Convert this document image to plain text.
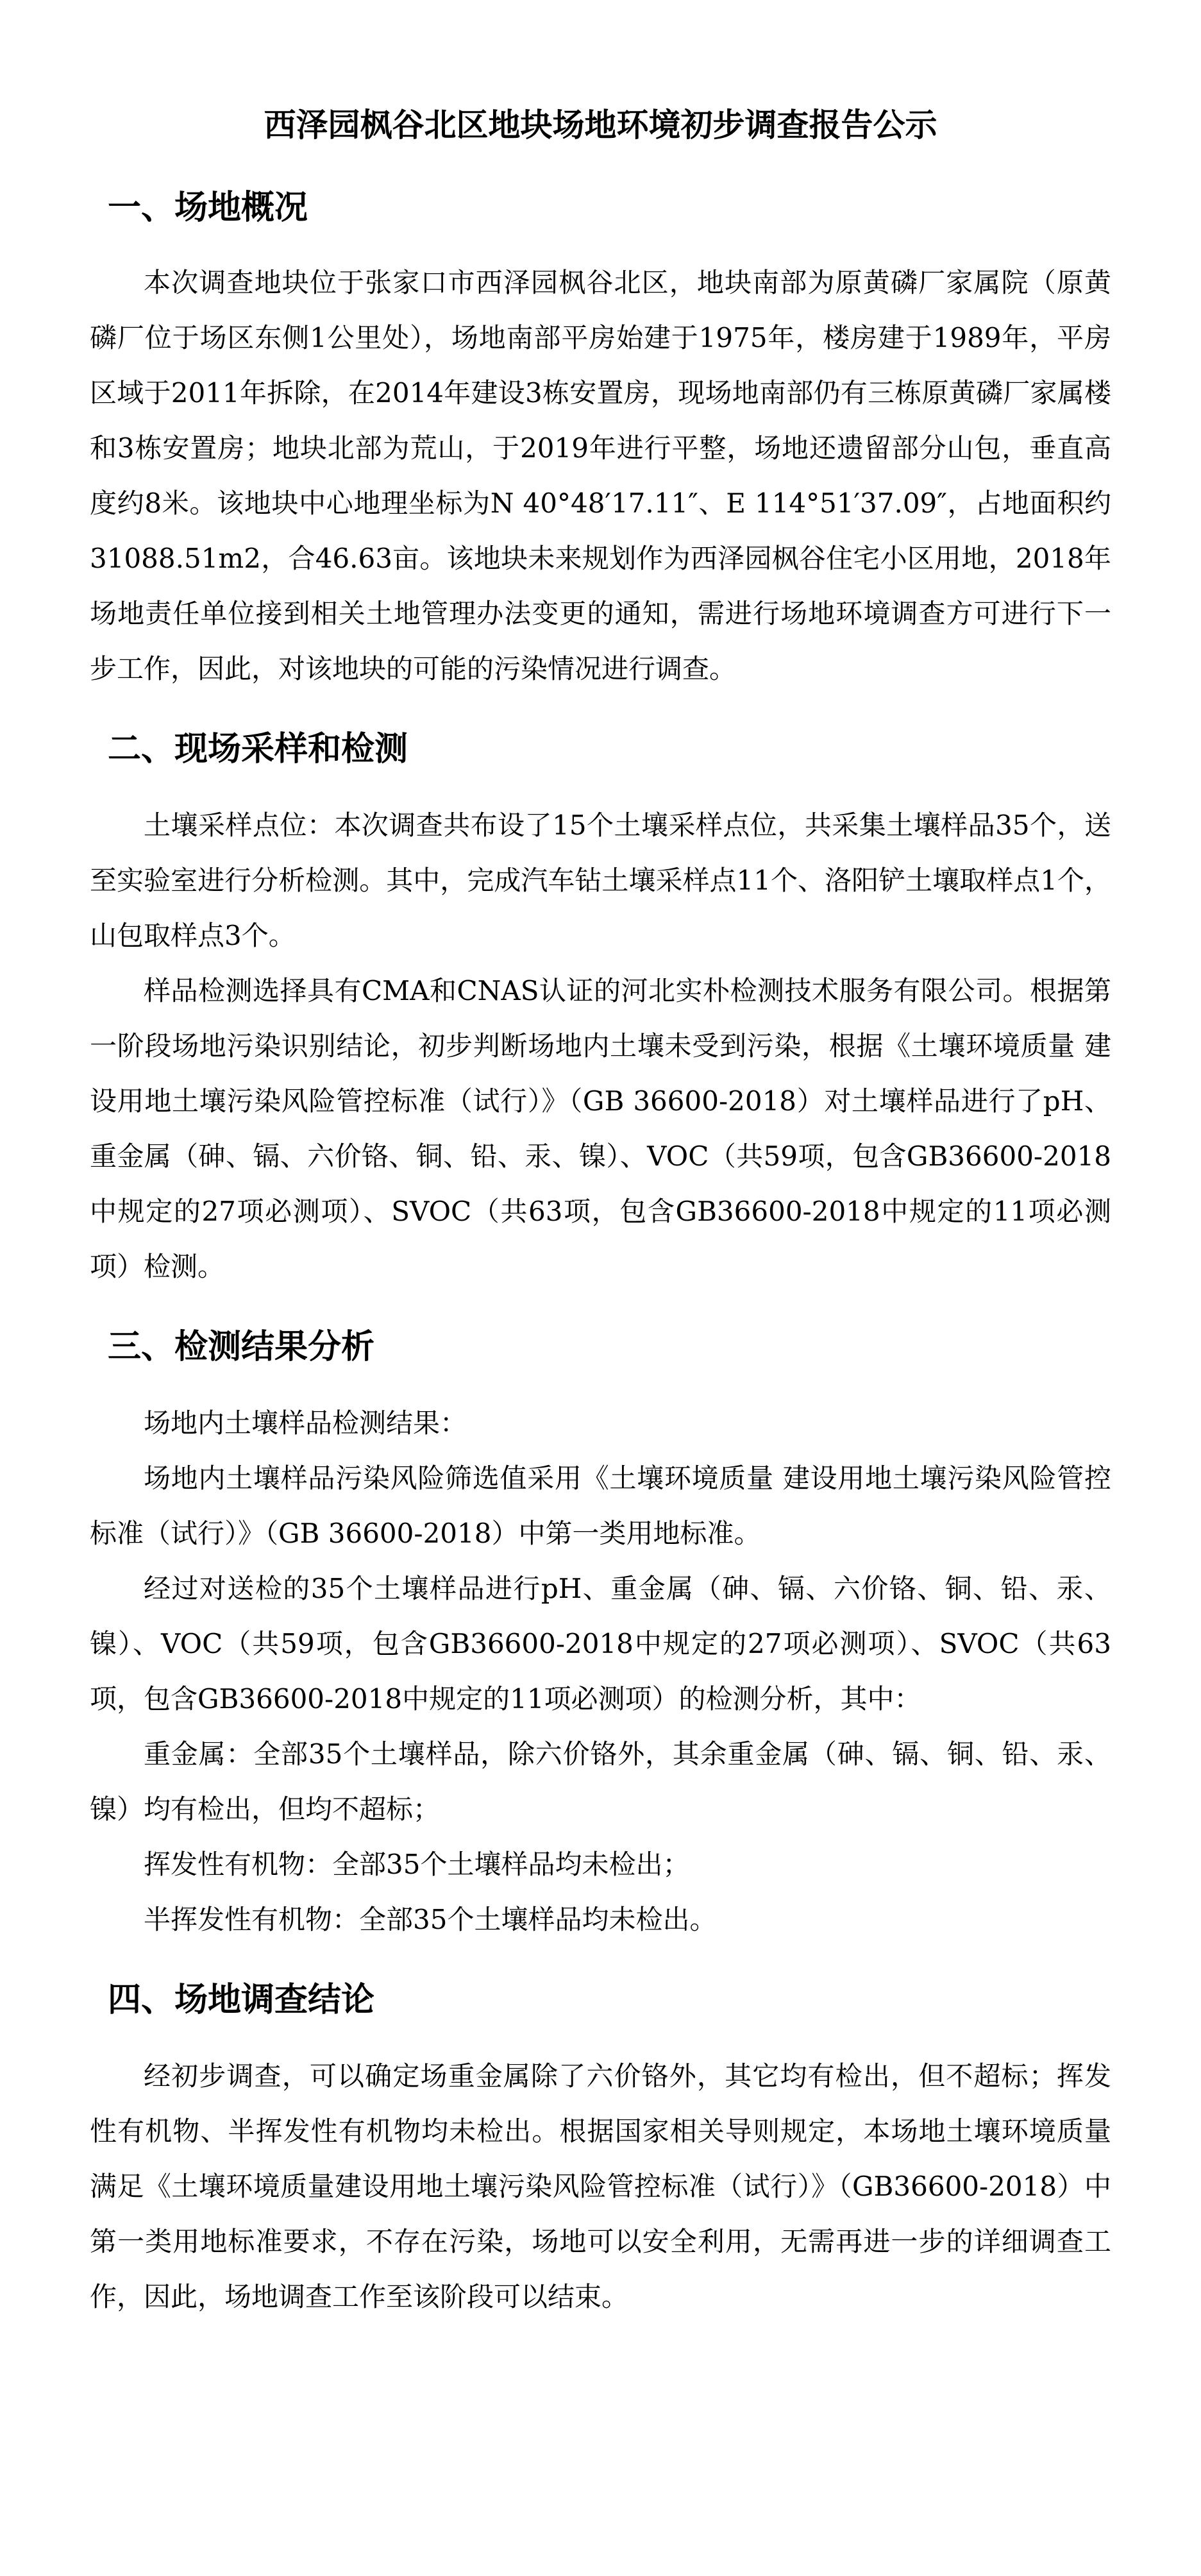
西泽园枫谷北区地块场地环境初步调查报告公示
一、场地概况

本次调查地块位于张家口市西泽园枫谷北区，地块南部为原黄磷厂家属院（原黄磷厂位于场区东侧1公里处），场地南部平房始建于1975年，楼房建于1989年，平房区域于2011年拆除，在2014年建设3栋安置房，现场地南部仍有三栋原黄磷厂家属楼和3栋安置房；地块北部为荒山，于2019年进行平整，场地还遗留部分山包，垂直高度约8米。该地块中心地理坐标为N 40°48′17.11″、E 114°51′37.09″，占地面积约31088.51m2，合46.63亩。该地块未来规划作为西泽园枫谷住宅小区用地，2018年场地责任单位接到相关土地管理办法变更的通知，需进行场地环境调查方可进行下一步工作，因此，对该地块的可能的污染情况进行调查。

二、现场采样和检测

土壤采样点位：本次调查共布设了15个土壤采样点位，共采集土壤样品35个，送至实验室进行分析检测。其中，完成汽车钻土壤采样点11个、洛阳铲土壤取样点1个，山包取样点3个。

样品检测选择具有CMA和CNAS认证的河北实朴检测技术服务有限公司。根据第一阶段场地污染识别结论，初步判断场地内土壤未受到污染，根据《土壤环境质量 建设用地土壤污染风险管控标准（试行）》（GB 36600-2018）对土壤样品进行了pH、重金属（砷、镉、六价铬、铜、铅、汞、镍）、VOC（共59项，包含GB36600-2018中规定的27项必测项）、SVOC（共63项，包含GB36600-2018中规定的11项必测项）检测。

三、检测结果分析

场地内土壤样品检测结果：

场地内土壤样品污染风险筛选值采用《土壤环境质量 建设用地土壤污染风险管控标准（试行）》（GB 36600-2018）中第一类用地标准。

经过对送检的35个土壤样品进行pH、重金属（砷、镉、六价铬、铜、铅、汞、镍）、VOC（共59项，包含GB36600-2018中规定的27项必测项）、SVOC（共63项，包含GB36600-2018中规定的11项必测项）的检测分析，其中：

重金属：全部35个土壤样品，除六价铬外，其余重金属（砷、镉、铜、铅、汞、镍）均有检出，但均不超标；

挥发性有机物：全部35个土壤样品均未检出；

半挥发性有机物：全部35个土壤样品均未检出。

四、场地调查结论

经初步调查，可以确定场重金属除了六价铬外，其它均有检出，但不超标；挥发性有机物、半挥发性有机物均未检出。根据国家相关导则规定，本场地土壤环境质量满足《土壤环境质量建设用地土壤污染风险管控标准（试行）》（GB36600-2018）中第一类用地标准要求，不存在污染，场地可以安全利用，无需再进一步的详细调查工作，因此，场地调查工作至该阶段可以结束。
